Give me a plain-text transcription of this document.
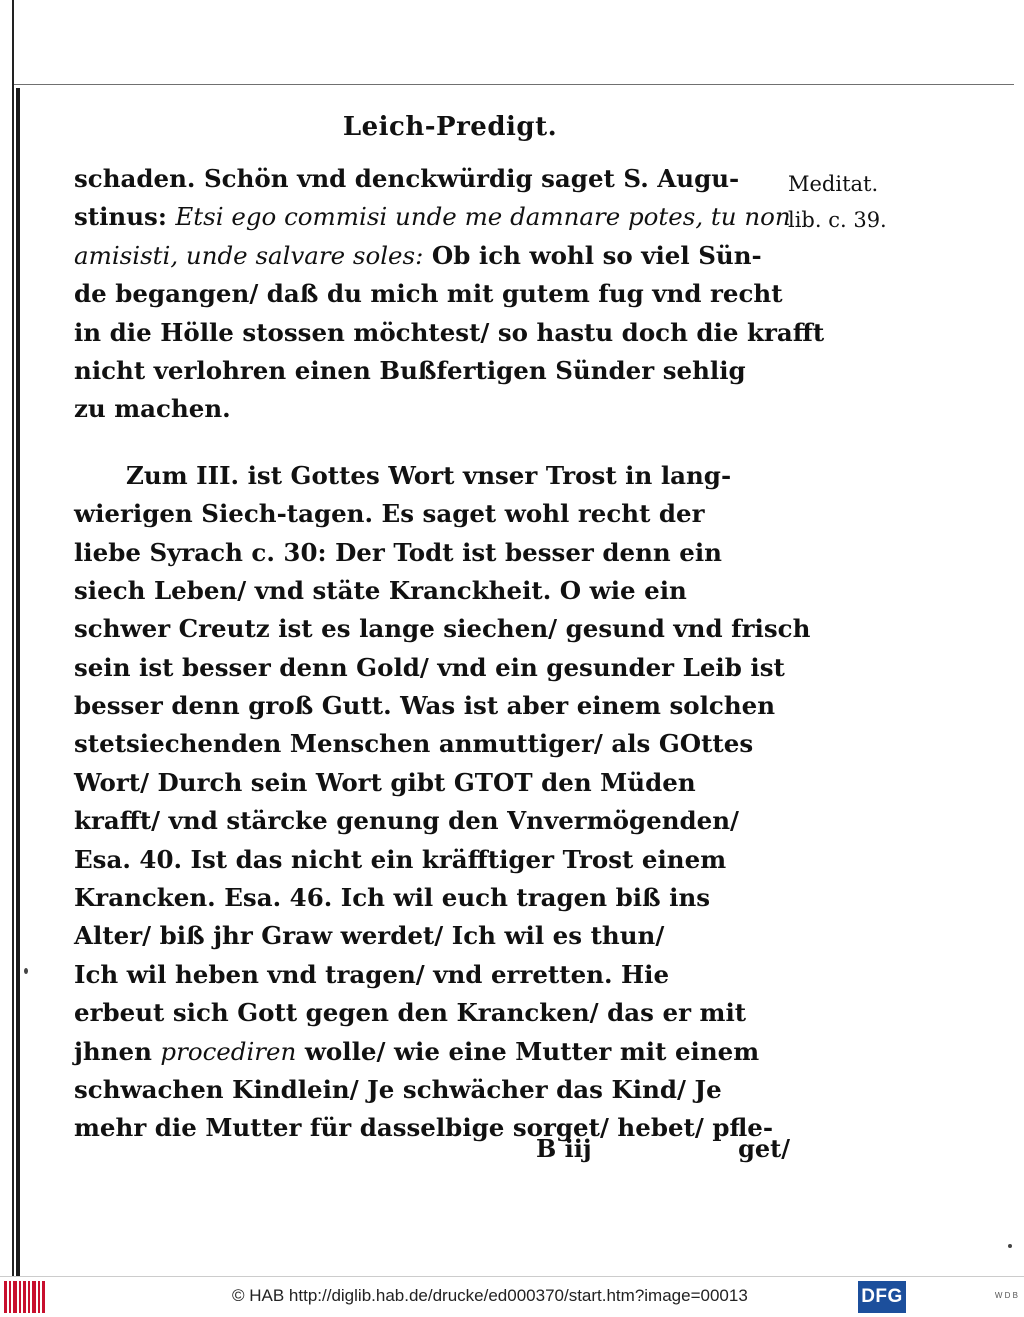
Leich-Predigt.
Meditat.
lib. c. 39.
schaden. Schön vnd denckwürdig saget S. Augu-
stinus: Etsi ego commisi unde me damnare potes, tu non
amisisti, unde salvare soles: Ob ich wohl so viel Sün-
de begangen/ daß du mich mit gutem fug vnd recht
in die Hölle stossen möchtest/ so hastu doch die krafft
nicht verlohren einen Bußfertigen Sünder sehlig
zu machen.
Zum III. ist Gottes Wort vnser Trost in lang-
wierigen Siech-tagen. Es saget wohl recht der
liebe Syrach c. 30: Der Todt ist besser denn ein
siech Leben/ vnd stäte Kranckheit. O wie ein
schwer Creutz ist es lange siechen/ gesund vnd frisch
sein ist besser denn Gold/ vnd ein gesunder Leib ist
besser denn groß Gutt. Was ist aber einem solchen
stetsiechenden Menschen anmuttiger/ als GOttes
Wort/ Durch sein Wort gibt GTOT den Müden
krafft/ vnd stärcke genung den Vnvermögenden/
Esa. 40. Ist das nicht ein kräfftiger Trost einem
Krancken. Esa. 46. Ich wil euch tragen biß ins
Alter/ biß jhr Graw werdet/ Ich wil es thun/
Ich wil heben vnd tragen/ vnd erretten. Hie
erbeut sich Gott gegen den Krancken/ das er mit
jhnen procediren wolle/ wie eine Mutter mit einem
schwachen Kindlein/ Je schwächer das Kind/ Je
mehr die Mutter für dasselbige sorget/ hebet/ pfle-
B iij	get/
© HAB http://diglib.hab.de/drucke/ed000370/start.htm?image=00013	DFG	W D B
